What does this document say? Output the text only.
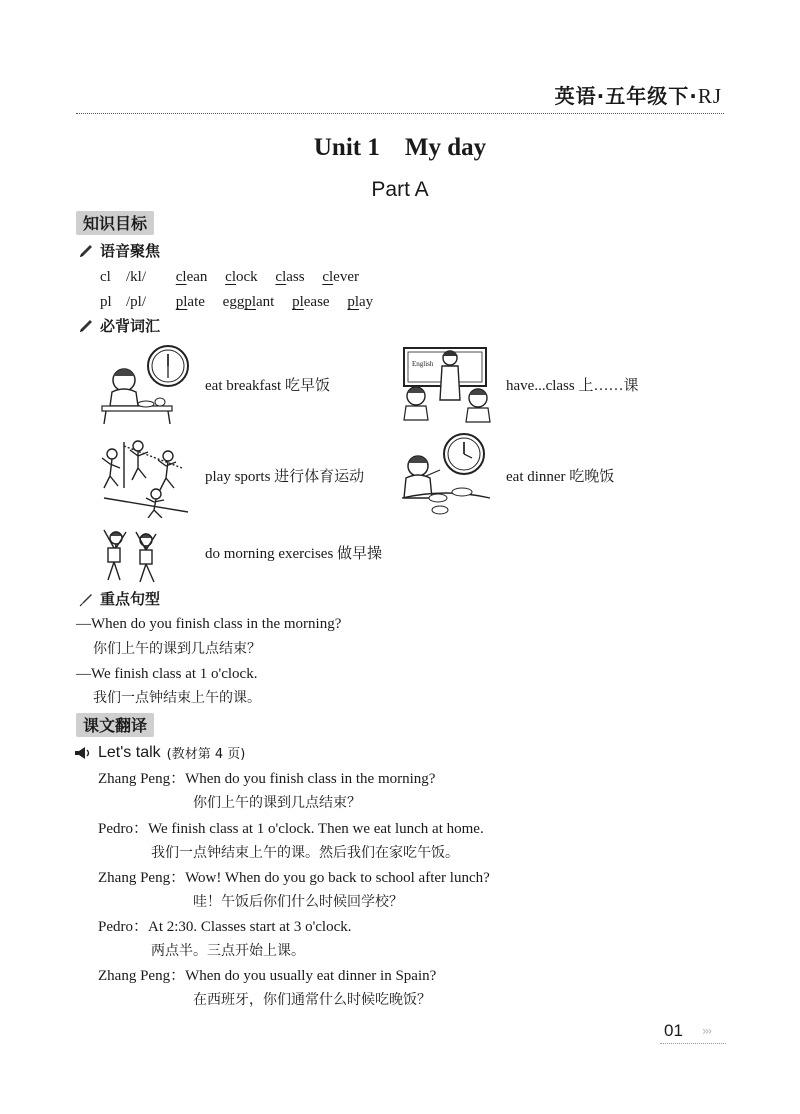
英语·五年级下·RJ
Unit 1    My day
Part A
知识目标
语音聚焦
cl /kl/ clean clock class clever
pl /pl/ plate eggplant please play
必背词汇
eat breakfast 吃早饭
English
have...class 上……课
play sports 进行体育运动	eat dinner 吃晚饭
do morning exercises 做早操
重点句型
—When do you finish class in the morning?
你们上午的课到几点结束？
—We finish class at 1 o'clock.
我们一点钟结束上午的课。
课文翻译
Let's talk (教材第 4 页)
Zhang Peng：When do you finish class in the morning?
你们上午的课到几点结束？
Pedro：We finish class at 1 o'clock. Then we eat lunch at home.
我们一点钟结束上午的课。然后我们在家吃午饭。
Zhang Peng：Wow! When do you go back to school after lunch?
哇！午饭后你们什么时候回学校？
Pedro：At 2:30. Classes start at 3 o'clock.
两点半。三点开始上课。
Zhang Peng：When do you usually eat dinner in Spain?
在西班牙，你们通常什么时候吃晚饭？
01 ›››
